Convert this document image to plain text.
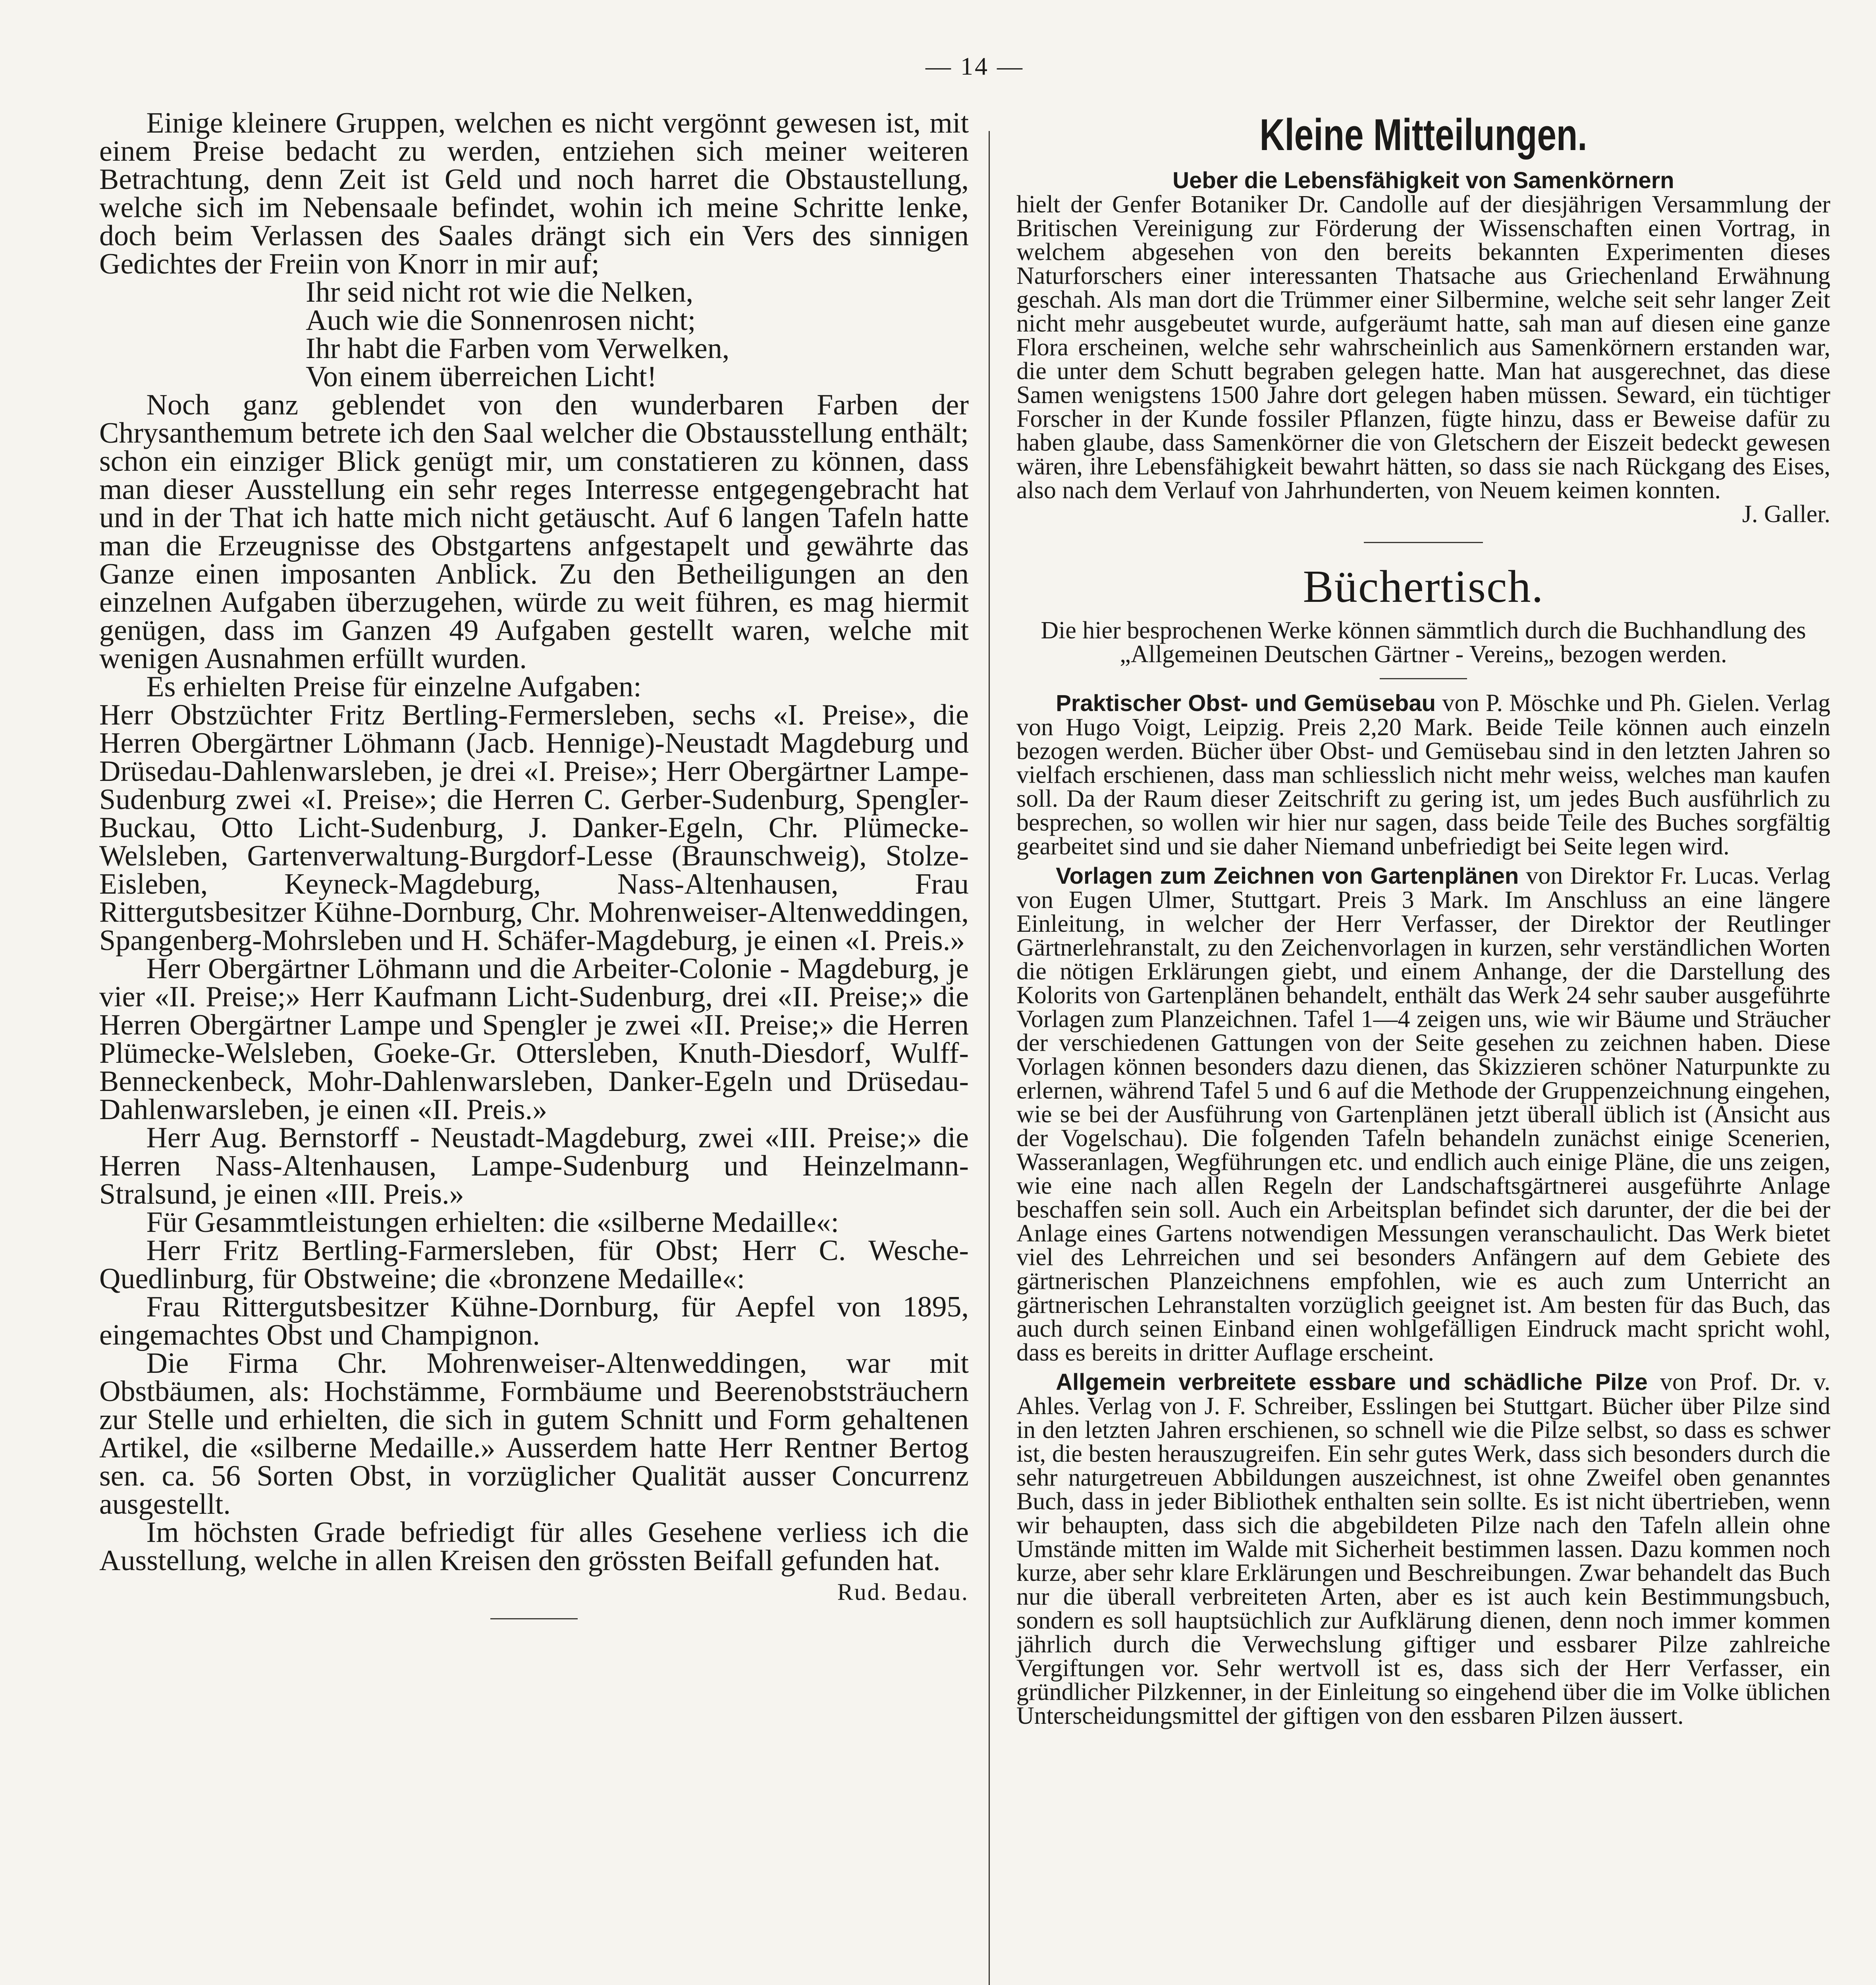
— 14 —

Einige kleinere Gruppen, welchen es nicht vergönnt gewesen ist, mit einem Preise bedacht zu werden, entziehen sich meiner weiteren Betrachtung, denn Zeit ist Geld und noch harret die Obstaustellung, welche sich im Nebensaale befindet, wohin ich meine Schritte lenke, doch beim Verlassen des Saales drängt sich ein Vers des sinnigen Gedichtes der Freiin von Knorr in mir auf;

Ihr seid nicht rot wie die Nelken,
Auch wie die Sonnenrosen nicht;
Ihr habt die Farben vom Verwelken,
Von einem überreichen Licht!

Noch ganz geblendet von den wunderbaren Farben der Chrysanthemum betrete ich den Saal welcher die Obstausstellung enthält; schon ein einziger Blick genügt mir, um constatieren zu können, dass man dieser Ausstellung ein sehr reges Interresse entgegengebracht hat und in der That ich hatte mich nicht getäuscht. Auf 6 langen Tafeln hatte man die Erzeugnisse des Obstgartens anfgestapelt und gewährte das Ganze einen imposanten Anblick. Zu den Betheiligungen an den einzelnen Aufgaben überzugehen, würde zu weit führen, es mag hiermit genügen, dass im Ganzen 49 Aufgaben gestellt waren, welche mit wenigen Ausnahmen erfüllt wurden.

Es erhielten Preise für einzelne Aufgaben:

Herr Obstzüchter Fritz Bertling-Fermersleben, sechs «I. Preise», die Herren Obergärtner Löhmann (Jacb. Hennige)-Neustadt Magdeburg und Drüsedau-Dahlenwarsleben, je drei «I. Preise»; Herr Obergärtner Lampe-Sudenburg zwei «I. Preise»; die Herren C. Gerber-Sudenburg, Spengler-Buckau, Otto Licht-Sudenburg, J. Danker-Egeln, Chr. Plümecke-Welsleben, Gartenverwaltung-Burgdorf-Lesse (Braunschweig), Stolze-Eisleben, Keyneck-Magdeburg, Nass-Altenhausen, Frau Rittergutsbesitzer Kühne-Dornburg, Chr. Mohrenweiser-Altenweddingen, Spangenberg-Mohrsleben und H. Schäfer-Magdeburg, je einen «I. Preis.»

Herr Obergärtner Löhmann und die Arbeiter-Colonie - Magdeburg, je vier «II. Preise;» Herr Kaufmann Licht-Sudenburg, drei «II. Preise;» die Herren Obergärtner Lampe und Spengler je zwei «II. Preise;» die Herren Plümecke-Welsleben, Goeke-Gr. Ottersleben, Knuth-Diesdorf, Wulff-Benneckenbeck, Mohr-Dahlenwarsleben, Danker-Egeln und Drüsedau-Dahlenwarsleben, je einen «II. Preis.»

Herr Aug. Bernstorff - Neustadt-Magdeburg, zwei «III. Preise;» die Herren Nass-Altenhausen, Lampe-Sudenburg und Heinzelmann-Stralsund, je einen «III. Preis.»

Für Gesammtleistungen erhielten: die «silberne Medaille«:

Herr Fritz Bertling-Farmersleben, für Obst; Herr C. Wesche-Quedlinburg, für Obstweine; die «bronzene Medaille«:

Frau Rittergutsbesitzer Kühne-Dornburg, für Aepfel von 1895, eingemachtes Obst und Champignon.

Die Firma Chr. Mohrenweiser-Altenweddingen, war mit Obstbäumen, als: Hochstämme, Formbäume und Beerenobststräuchern zur Stelle und erhielten, die sich in gutem Schnitt und Form gehaltenen Artikel, die «silberne Medaille.» Ausserdem hatte Herr Rentner Bertog sen. ca. 56 Sorten Obst, in vorzüglicher Qualität ausser Concurrenz ausgestellt.

Im höchsten Grade befriedigt für alles Gesehene verliess ich die Ausstellung, welche in allen Kreisen den grössten Beifall gefunden hat.

Rud. Bedau.
Kleine Mitteilungen.
Ueber die Lebensfähigkeit von Samenkörnern

hielt der Genfer Botaniker Dr. Candolle auf der diesjährigen Versammlung der Britischen Vereinigung zur Förderung der Wissenschaften einen Vortrag, in welchem abgesehen von den bereits bekannten Experimenten dieses Naturforschers einer interessanten Thatsache aus Griechenland Erwähnung geschah. Als man dort die Trümmer einer Silbermine, welche seit sehr langer Zeit nicht mehr ausgebeutet wurde, aufgeräumt hatte, sah man auf diesen eine ganze Flora erscheinen, welche sehr wahrscheinlich aus Samenkörnern erstanden war, die unter dem Schutt begraben gelegen hatte. Man hat ausgerechnet, das diese Samen wenigstens 1500 Jahre dort gelegen haben müssen. Seward, ein tüchtiger Forscher in der Kunde fossiler Pflanzen, fügte hinzu, dass er Beweise dafür zu haben glaube, dass Samenkörner die von Gletschern der Eiszeit bedeckt gewesen wären, ihre Lebensfähigkeit bewahrt hätten, so dass sie nach Rückgang des Eises, also nach dem Verlauf von Jahrhunderten, von Neuem keimen konnten.

J. Galler.
Büchertisch.

Die hier besprochenen Werke können sämmtlich durch die Buchhandlung des „Allgemeinen Deutschen Gärtner - Vereins„ bezogen werden.

Praktischer Obst- und Gemüsebau von P. Möschke und Ph. Gielen. Verlag von Hugo Voigt, Leipzig. Preis 2,20 Mark. Beide Teile können auch einzeln bezogen werden. Bücher über Obst- und Gemüsebau sind in den letzten Jahren so vielfach erschienen, dass man schliesslich nicht mehr weiss, welches man kaufen soll. Da der Raum dieser Zeitschrift zu gering ist, um jedes Buch ausführlich zu besprechen, so wollen wir hier nur sagen, dass beide Teile des Buches sorgfältig gearbeitet sind und sie daher Niemand unbefriedigt bei Seite legen wird.

Vorlagen zum Zeichnen von Gartenplänen von Direktor Fr. Lucas. Verlag von Eugen Ulmer, Stuttgart. Preis 3 Mark. Im Anschluss an eine längere Einleitung, in welcher der Herr Verfasser, der Direktor der Reutlinger Gärtnerlehranstalt, zu den Zeichenvorlagen in kurzen, sehr verständlichen Worten die nötigen Erklärungen giebt, und einem Anhange, der die Darstellung des Kolorits von Gartenplänen behandelt, enthält das Werk 24 sehr sauber ausgeführte Vorlagen zum Planzeichnen. Tafel 1—4 zeigen uns, wie wir Bäume und Sträucher der verschiedenen Gattungen von der Seite gesehen zu zeichnen haben. Diese Vorlagen können besonders dazu dienen, das Skizzieren schöner Naturpunkte zu erlernen, während Tafel 5 und 6 auf die Methode der Gruppenzeichnung eingehen, wie se bei der Ausführung von Gartenplänen jetzt überall üblich ist (Ansicht aus der Vogelschau). Die folgenden Tafeln behandeln zunächst einige Scenerien, Wasseranlagen, Wegführungen etc. und endlich auch einige Pläne, die uns zeigen, wie eine nach allen Regeln der Landschaftsgärtnerei ausgeführte Anlage beschaffen sein soll. Auch ein Arbeitsplan befindet sich darunter, der die bei der Anlage eines Gartens notwendigen Messungen veranschaulicht. Das Werk bietet viel des Lehrreichen und sei besonders Anfängern auf dem Gebiete des gärtnerischen Planzeichnens empfohlen, wie es auch zum Unterricht an gärtnerischen Lehranstalten vorzüglich geeignet ist. Am besten für das Buch, das auch durch seinen Einband einen wohlgefälligen Eindruck macht spricht wohl, dass es bereits in dritter Auflage erscheint.

Allgemein verbreitete essbare und schädliche Pilze von Prof. Dr. v. Ahles. Verlag von J. F. Schreiber, Esslingen bei Stuttgart. Bücher über Pilze sind in den letzten Jahren erschienen, so schnell wie die Pilze selbst, so dass es schwer ist, die besten herauszugreifen. Ein sehr gutes Werk, dass sich besonders durch die sehr naturgetreuen Abbildungen auszeichnest, ist ohne Zweifel oben genanntes Buch, dass in jeder Bibliothek enthalten sein sollte. Es ist nicht übertrieben, wenn wir behaupten, dass sich die abgebildeten Pilze nach den Tafeln allein ohne Umstände mitten im Walde mit Sicherheit bestimmen lassen. Dazu kommen noch kurze, aber sehr klare Erklärungen und Beschreibungen. Zwar behandelt das Buch nur die überall verbreiteten Arten, aber es ist auch kein Bestimmungsbuch, sondern es soll hauptsüchlich zur Aufklärung dienen, denn noch immer kommen jährlich durch die Verwechslung giftiger und essbarer Pilze zahlreiche Vergiftungen vor. Sehr wertvoll ist es, dass sich der Herr Verfasser, ein gründlicher Pilzkenner, in der Einleitung so eingehend über die im Volke üblichen Unterscheidungsmittel der giftigen von den essbaren Pilzen äussert.
